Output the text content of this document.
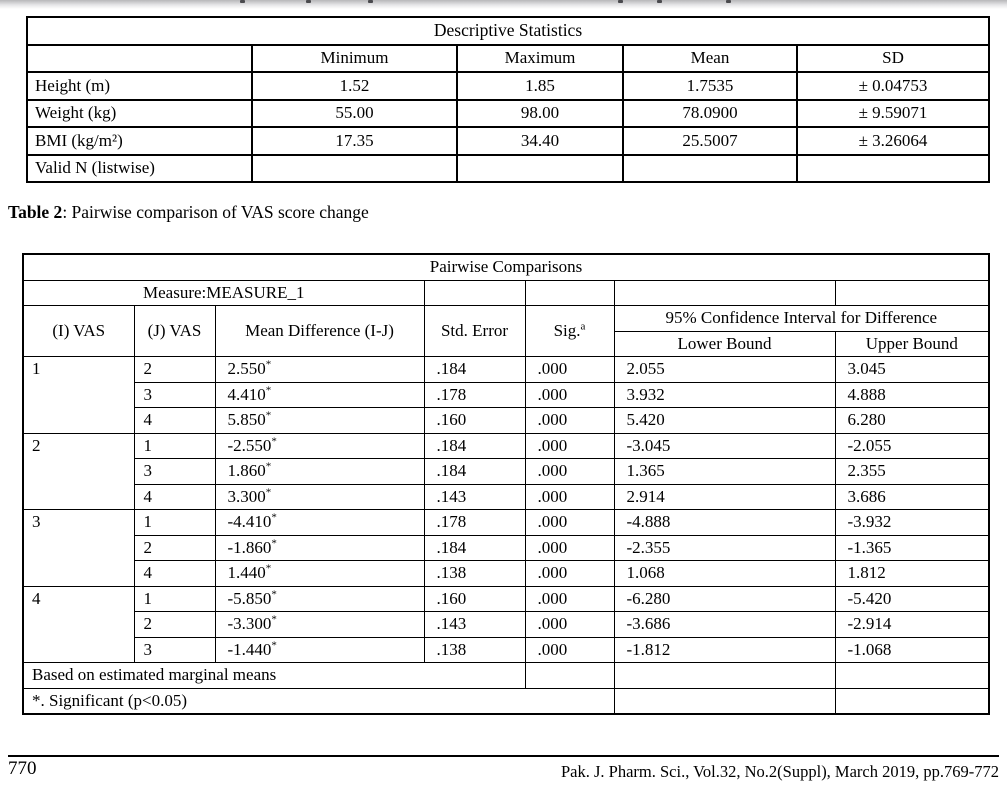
Descriptive Statistics				
	Minimum	Maximum	Mean	SD
Height (m)	1.52	1.85	1.7535	± 0.04753
Weight (kg)	55.00	98.00	78.0900	± 9.59071
BMI (kg/m²)	17.35	34.40	25.5007	± 3.26064
Valid N (listwise)				
Table 2: Pairwise comparison of VAS score change
Pairwise Comparisons						
Measure:MEASURE_1						
(I) VAS	(J) VAS	Mean Difference (I-J)	Std. Error	Sig.$^a$	95% Confidence Interval for Difference	
					Lower Bound	Upper Bound
1	2	2.550*	.184	.000	2.055	3.045
	3	4.410*	.178	.000	3.932	4.888
	4	5.850*	.160	.000	5.420	6.280
2	1	-2.550*	.184	.000	-3.045	-2.055
	3	1.860*	.184	.000	1.365	2.355
	4	3.300*	.143	.000	2.914	3.686
3	1	-4.410*	.178	.000	-4.888	-3.932
	2	-1.860*	.184	.000	-2.355	-1.365
	4	1.440*	.138	.000	1.068	1.812
4	1	-5.850*	.160	.000	-6.280	-5.420
	2	-3.300*	.143	.000	-3.686	-2.914
	3	-1.440*	.138	.000	-1.812	-1.068
Based on estimated marginal means						
*. Significant (p<0.05)						
770	Pak. J. Pharm. Sci., Vol.32, No.2(Suppl), March 2019, pp.769-772
